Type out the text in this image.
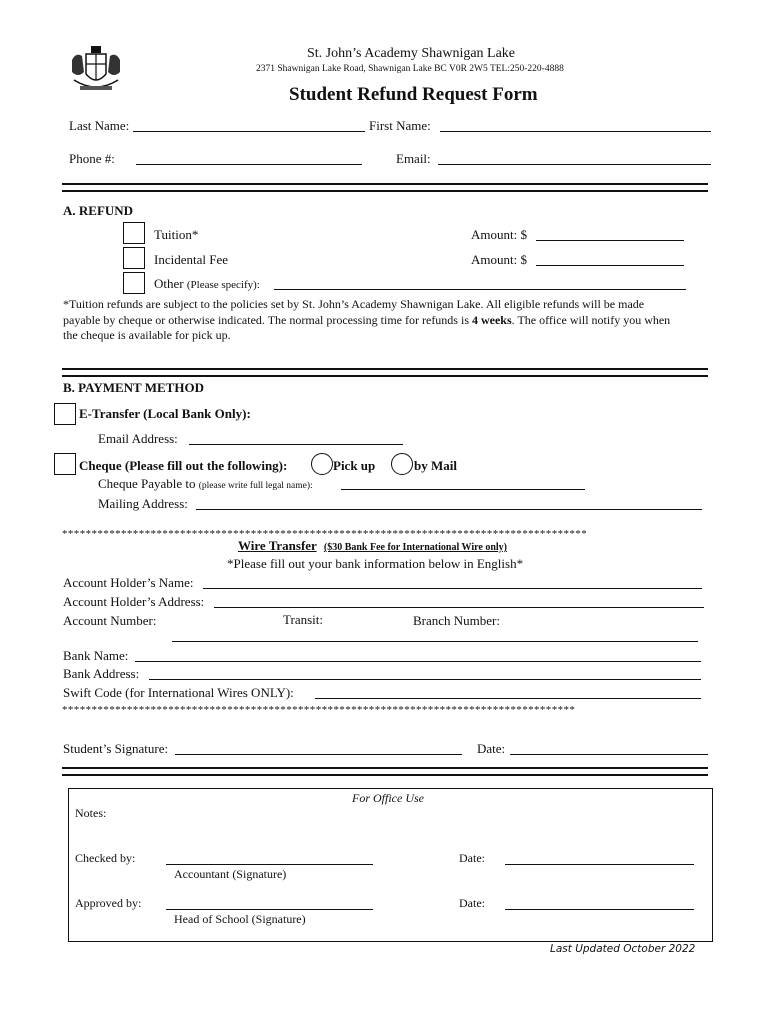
St. John’s Academy Shawnigan Lake
2371 Shawnigan Lake Road, Shawnigan Lake BC V0R 2W5 TEL:250-220-4888
Student Refund Request Form
Last Name:	First Name:
Phone #:	Email:
A. REFUND
Tuition*	Amount: $
Incidental Fee	Amount: $
Other (Please specify):
*Tuition refunds are subject to the policies set by St. John’s Academy Shawnigan Lake. All eligible refunds will be made
payable by cheque or otherwise indicated. The normal processing time for refunds is 4 weeks. The office will notify you when
the cheque is available for pick up.
B. PAYMENT METHOD
E-Transfer (Local Bank Only):
Email Address:
Cheque (Please fill out the following):	Pick up	by Mail
Cheque Payable to (please write full legal name):
Mailing Address:
*****************************************************************************************
Wire Transfer ($30 Bank Fee for International Wire only)
*Please fill out your bank information below in English*
Account Holder’s Name:
Account Holder’s Address:
Account Number:	Transit:	Branch Number:
Bank Name:
Bank Address:
Swift Code (for International Wires ONLY):
***************************************************************************************
Student’s Signature:	Date:
For Office Use
Notes:
Checked by:
Accountant (Signature)
Date:
Approved by:
Head of School (Signature)
Date:
Last Updated October 2022
